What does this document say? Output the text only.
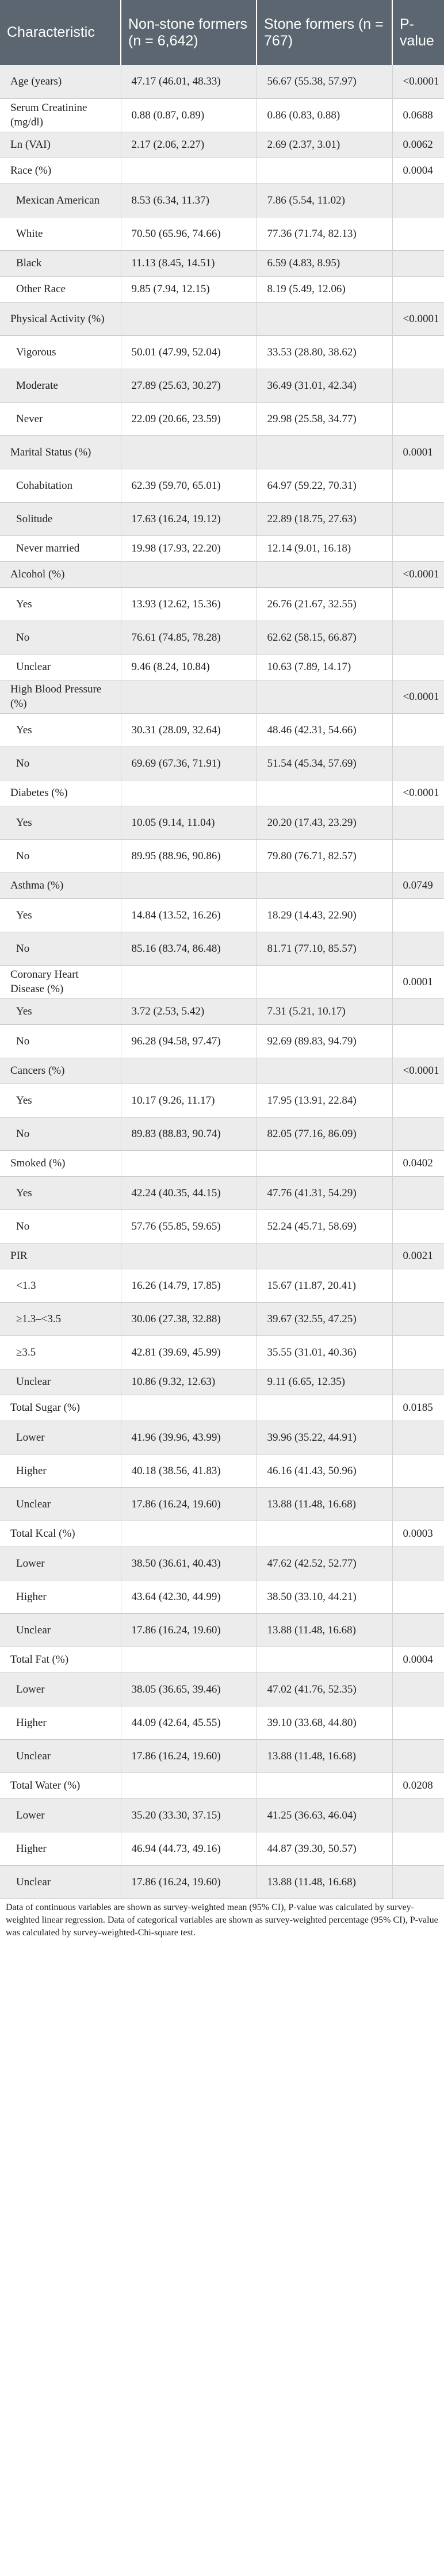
Characteristic	Non-stone formers (n = 6,642)	Stone formers (n = 767)	P-value
Age (years)	47.17 (46.01, 48.33)	56.67 (55.38, 57.97)	<0.0001
Serum Creatinine (mg/dl)	0.88 (0.87, 0.89)	0.86 (0.83, 0.88)	0.0688
Ln (VAI)	2.17 (2.06, 2.27)	2.69 (2.37, 3.01)	0.0062
Race (%)			0.0004
Mexican American	8.53 (6.34, 11.37)	7.86 (5.54, 11.02)	
White	70.50 (65.96, 74.66)	77.36 (71.74, 82.13)	
Black	11.13 (8.45, 14.51)	6.59 (4.83, 8.95)	
Other Race	9.85 (7.94, 12.15)	8.19 (5.49, 12.06)	
Physical Activity (%)			<0.0001
Vigorous	50.01 (47.99, 52.04)	33.53 (28.80, 38.62)	
Moderate	27.89 (25.63, 30.27)	36.49 (31.01, 42.34)	
Never	22.09 (20.66, 23.59)	29.98 (25.58, 34.77)	
Marital Status (%)			0.0001
Cohabitation	62.39 (59.70, 65.01)	64.97 (59.22, 70.31)	
Solitude	17.63 (16.24, 19.12)	22.89 (18.75, 27.63)	
Never married	19.98 (17.93, 22.20)	12.14 (9.01, 16.18)	
Alcohol (%)			<0.0001
Yes	13.93 (12.62, 15.36)	26.76 (21.67, 32.55)	
No	76.61 (74.85, 78.28)	62.62 (58.15, 66.87)	
Unclear	9.46 (8.24, 10.84)	10.63 (7.89, 14.17)	
High Blood Pressure (%)			<0.0001
Yes	30.31 (28.09, 32.64)	48.46 (42.31, 54.66)	
No	69.69 (67.36, 71.91)	51.54 (45.34, 57.69)	
Diabetes (%)			<0.0001
Yes	10.05 (9.14, 11.04)	20.20 (17.43, 23.29)	
No	89.95 (88.96, 90.86)	79.80 (76.71, 82.57)	
Asthma (%)			0.0749
Yes	14.84 (13.52, 16.26)	18.29 (14.43, 22.90)	
No	85.16 (83.74, 86.48)	81.71 (77.10, 85.57)	
Coronary Heart Disease (%)			0.0001
Yes	3.72 (2.53, 5.42)	7.31 (5.21, 10.17)	
No	96.28 (94.58, 97.47)	92.69 (89.83, 94.79)	
Cancers (%)			<0.0001
Yes	10.17 (9.26, 11.17)	17.95 (13.91, 22.84)	
No	89.83 (88.83, 90.74)	82.05 (77.16, 86.09)	
Smoked (%)			0.0402
Yes	42.24 (40.35, 44.15)	47.76 (41.31, 54.29)	
No	57.76 (55.85, 59.65)	52.24 (45.71, 58.69)	
PIR			0.0021
<1.3	16.26 (14.79, 17.85)	15.67 (11.87, 20.41)	
≥1.3–<3.5	30.06 (27.38, 32.88)	39.67 (32.55, 47.25)	
≥3.5	42.81 (39.69, 45.99)	35.55 (31.01, 40.36)	
Unclear	10.86 (9.32, 12.63)	9.11 (6.65, 12.35)	
Total Sugar (%)			0.0185
Lower	41.96 (39.96, 43.99)	39.96 (35.22, 44.91)	
Higher	40.18 (38.56, 41.83)	46.16 (41.43, 50.96)	
Unclear	17.86 (16.24, 19.60)	13.88 (11.48, 16.68)	
Total Kcal (%)			0.0003
Lower	38.50 (36.61, 40.43)	47.62 (42.52, 52.77)	
Higher	43.64 (42.30, 44.99)	38.50 (33.10, 44.21)	
Unclear	17.86 (16.24, 19.60)	13.88 (11.48, 16.68)	
Total Fat (%)			0.0004
Lower	38.05 (36.65, 39.46)	47.02 (41.76, 52.35)	
Higher	44.09 (42.64, 45.55)	39.10 (33.68, 44.80)	
Unclear	17.86 (16.24, 19.60)	13.88 (11.48, 16.68)	
Total Water (%)			0.0208
Lower	35.20 (33.30, 37.15)	41.25 (36.63, 46.04)	
Higher	46.94 (44.73, 49.16)	44.87 (39.30, 50.57)	
Unclear	17.86 (16.24, 19.60)	13.88 (11.48, 16.68)	
Data of continuous variables are shown as survey-weighted mean (95% CI), P-value was calculated by survey-weighted linear regression. Data of categorical variables are shown as survey-weighted percentage (95% CI), P-value was calculated by survey-weighted-Chi-square test.
